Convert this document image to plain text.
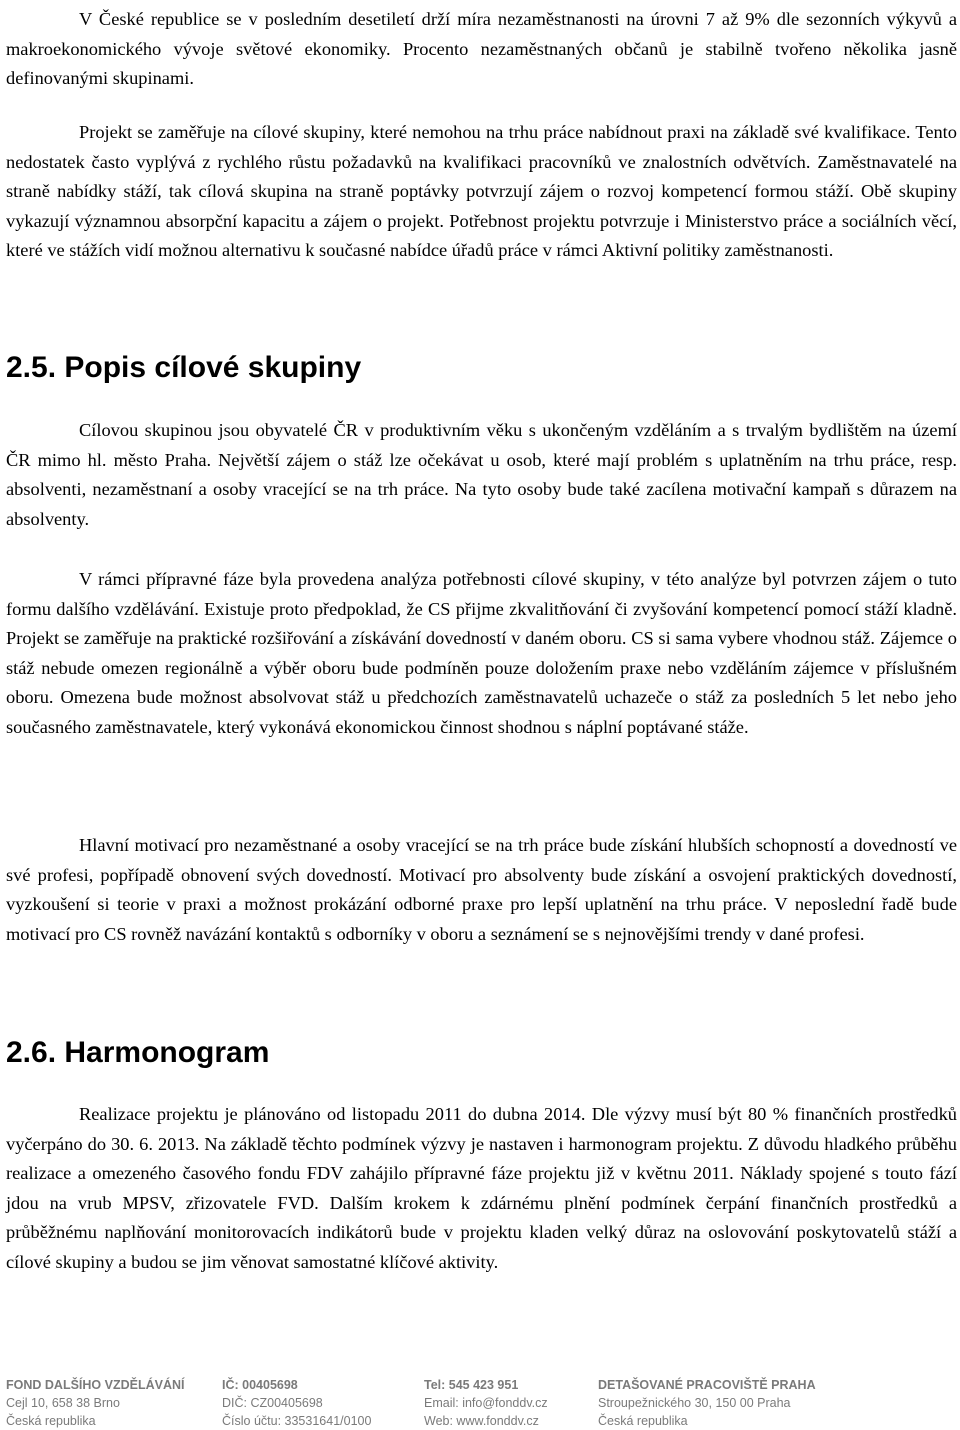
V České republice se v posledním desetiletí drží míra nezaměstnanosti na úrovni 7 až 9% dle sezonních výkyvů a makroekonomického vývoje světové ekonomiky. Procento nezaměstnaných občanů je stabilně tvořeno několika jasně definovanými skupinami.

Projekt se zaměřuje na cílové skupiny, které nemohou na trhu práce nabídnout praxi na základě své kvalifikace. Tento nedostatek často vyplývá z rychlého růstu požadavků na kvalifikaci pracovníků ve znalostních odvětvích. Zaměstnavatelé na straně nabídky stáží, tak cílová skupina na straně poptávky potvrzují zájem o rozvoj kompetencí formou stáží. Obě skupiny vykazují významnou absorpční kapacitu a zájem o projekt. Potřebnost projektu potvrzuje i Ministerstvo práce a sociálních věcí, které ve stážích vidí možnou alternativu k současné nabídce úřadů práce v rámci Aktivní politiky zaměstnanosti.

2.5. Popis cílové skupiny

Cílovou skupinou jsou obyvatelé ČR v produktivním věku s ukončeným vzděláním a s trvalým bydlištěm na území ČR mimo hl. město Praha. Největší zájem o stáž lze očekávat u osob, které mají problém s uplatněním na trhu práce, resp. absolventi, nezaměstnaní a osoby vracející se na trh práce. Na tyto osoby bude také zacílena motivační kampaň s důrazem na absolventy.

V rámci přípravné fáze byla provedena analýza potřebnosti cílové skupiny, v této analýze byl potvrzen zájem o tuto formu dalšího vzdělávání. Existuje proto předpoklad, že CS přijme zkvalitňování či zvyšování kompetencí pomocí stáží kladně. Projekt se zaměřuje na praktické rozšiřování a získávání dovedností v daném oboru. CS si sama vybere vhodnou stáž. Zájemce o stáž nebude omezen regionálně a výběr oboru bude podmíněn pouze doložením praxe nebo vzděláním zájemce v příslušném oboru. Omezena bude možnost absolvovat stáž u předchozích zaměstnavatelů uchazeče o stáž za posledních 5 let nebo jeho současného zaměstnavatele, který vykonává ekonomickou činnost shodnou s náplní poptávané stáže.

Hlavní motivací pro nezaměstnané a osoby vracející se na trh práce bude získání hlubších schopností a dovedností ve své profesi, popřípadě obnovení svých dovedností. Motivací pro absolventy bude získání a osvojení praktických dovedností, vyzkoušení si teorie v praxi a možnost prokázání odborné praxe pro lepší uplatnění na trhu práce. V neposlední řadě bude motivací pro CS rovněž navázání kontaktů s odborníky v oboru a seznámení se s nejnovějšími trendy v dané profesi.

2.6. Harmonogram

Realizace projektu je plánováno od listopadu 2011 do dubna 2014. Dle výzvy musí být 80 % finančních prostředků vyčerpáno do 30. 6. 2013. Na základě těchto podmínek výzvy je nastaven i harmonogram projektu. Z důvodu hladkého průběhu realizace a omezeného časového fondu FDV zahájilo přípravné fáze projektu již v květnu 2011. Náklady spojené s touto fází jdou na vrub MPSV, zřizovatele FVD. Dalším krokem k zdárnému plnění podmínek čerpání finančních prostředků a průběžnému naplňování monitorovacích indikátorů bude v projektu kladen velký důraz na oslovování poskytovatelů stáží a cílové skupiny a budou se jim věnovat samostatné klíčové aktivity.

FOND DALŠÍHO VZDĚLÁVÁNÍ
Cejl 10, 658 38 Brno
Česká republika
IČ: 00405698
DIČ: CZ00405698
Číslo účtu: 33531641/0100
Tel: 545 423 951
Email: info@fonddv.cz
Web: www.fonddv.cz
DETAŠOVANÉ PRACOVIŠTĚ PRAHA
Stroupežnického 30, 150 00 Praha
Česká republika
